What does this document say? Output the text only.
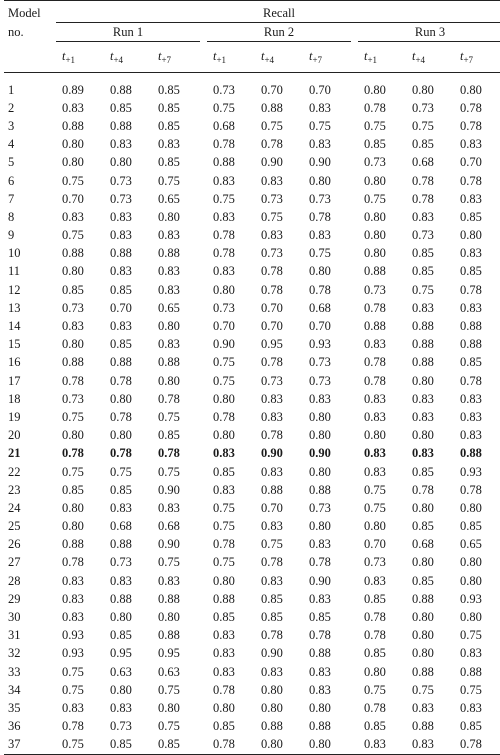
Model	Recall										
no.	Run 1				Run 2				Run 3		
	$t_{+1}$	$t_{+4}$	$t_{+7}$		$t_{+1}$	$t_{+4}$	$t_{+7}$		$t_{+1}$	$t_{+4}$	$t_{+7}$

1	0.89	0.88	0.85		0.73	0.70	0.70		0.80	0.80	0.80
2	0.83	0.85	0.85		0.75	0.88	0.83		0.78	0.73	0.78
3	0.88	0.88	0.85		0.68	0.75	0.75		0.75	0.75	0.78
4	0.80	0.83	0.83		0.78	0.78	0.83		0.85	0.85	0.83
5	0.80	0.80	0.85		0.88	0.90	0.90		0.73	0.68	0.70
6	0.75	0.73	0.75		0.83	0.83	0.80		0.80	0.78	0.78
7	0.70	0.73	0.65		0.75	0.73	0.73		0.75	0.78	0.83
8	0.83	0.83	0.80		0.83	0.75	0.78		0.80	0.83	0.85
9	0.75	0.83	0.83		0.78	0.83	0.83		0.80	0.73	0.80
10	0.88	0.88	0.88		0.78	0.73	0.75		0.80	0.85	0.83
11	0.80	0.83	0.83		0.83	0.78	0.80		0.88	0.85	0.85
12	0.85	0.85	0.83		0.80	0.78	0.78		0.73	0.75	0.78
13	0.73	0.70	0.65		0.73	0.70	0.68		0.78	0.83	0.83
14	0.83	0.83	0.80		0.70	0.70	0.70		0.88	0.88	0.88
15	0.80	0.85	0.83		0.90	0.95	0.93		0.83	0.88	0.88
16	0.88	0.88	0.88		0.75	0.78	0.73		0.78	0.88	0.85
17	0.78	0.78	0.80		0.75	0.73	0.73		0.78	0.80	0.78
18	0.73	0.80	0.78		0.80	0.83	0.83		0.83	0.83	0.83
19	0.75	0.78	0.75		0.78	0.83	0.80		0.83	0.83	0.83
20	0.80	0.80	0.85		0.80	0.78	0.80		0.80	0.80	0.83
21	0.78	0.78	0.78		0.83	0.90	0.90		0.83	0.83	0.88
22	0.75	0.75	0.75		0.85	0.83	0.80		0.83	0.85	0.93
23	0.85	0.85	0.90		0.83	0.88	0.88		0.75	0.78	0.78
24	0.80	0.83	0.83		0.75	0.70	0.73		0.75	0.80	0.80
25	0.80	0.68	0.68		0.75	0.83	0.80		0.80	0.85	0.85
26	0.88	0.88	0.90		0.78	0.75	0.83		0.70	0.68	0.65
27	0.78	0.73	0.75		0.75	0.78	0.78		0.73	0.80	0.80
28	0.83	0.83	0.83		0.80	0.83	0.90		0.83	0.85	0.80
29	0.83	0.88	0.88		0.88	0.85	0.83		0.85	0.88	0.93
30	0.83	0.80	0.80		0.85	0.85	0.85		0.78	0.80	0.80
31	0.93	0.85	0.88		0.83	0.78	0.78		0.78	0.80	0.75
32	0.93	0.95	0.95		0.83	0.90	0.88		0.85	0.80	0.83
33	0.75	0.63	0.63		0.83	0.83	0.83		0.80	0.88	0.88
34	0.75	0.80	0.75		0.78	0.80	0.83		0.75	0.75	0.75
35	0.83	0.83	0.80		0.80	0.80	0.80		0.78	0.83	0.83
36	0.78	0.73	0.75		0.85	0.88	0.88		0.85	0.88	0.85
37	0.75	0.85	0.85		0.78	0.80	0.80		0.83	0.83	0.78
